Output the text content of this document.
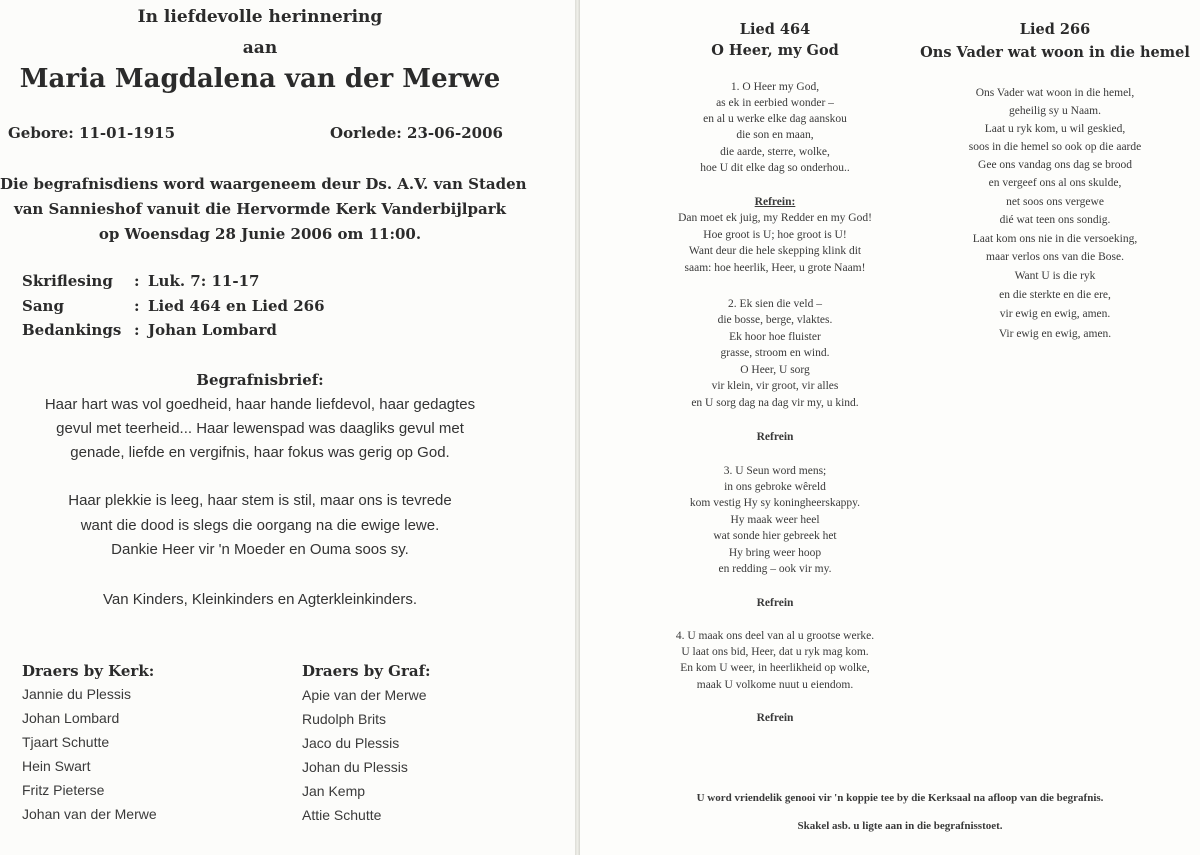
In liefdevolle herinnering
aan
Maria Magdalena van der Merwe
Gebore: 11-01-1915	Oorlede: 23-06-2006
Die begrafnisdiens word waargeneem deur Ds. A.V. van Staden
van Sannieshof vanuit die Hervormde Kerk Vanderbijlpark
op Woensdag 28 Junie 2006 om 11:00.
Skriflesing : Luk. 7: 11-17
Sang	: Lied 464 en Lied 266
Bedankings : Johan Lombard
Begrafnisbrief:
Haar hart was vol goedheid, haar hande liefdevol, haar gedagtes
gevul met teerheid... Haar lewenspad was daagliks gevul met
genade, liefde en vergifnis, haar fokus was gerig op God.
Haar plekkie is leeg, haar stem is stil, maar ons is tevrede
want die dood is slegs die oorgang na die ewige lewe.
Dankie Heer vir 'n Moeder en Ouma soos sy.
Van Kinders, Kleinkinders en Agterkleinkinders.
Draers by Kerk:
Jannie du Plessis
Johan Lombard
Tjaart Schutte
Hein Swart
Fritz Pieterse
Johan van der Merwe
Draers by Graf:
Apie van der Merwe
Rudolph Brits
Jaco du Plessis
Johan du Plessis
Jan Kemp
Attie Schutte
Lied 464
O Heer, my God
1. O Heer my God,
as ek in eerbied wonder –
en al u werke elke dag aanskou
die son en maan,
die aarde, sterre, wolke,
hoe U dit elke dag so onderhou..
Refrein:
Dan moet ek juig, my Redder en my God!
Hoe groot is U; hoe groot is U!
Want deur die hele skepping klink dit
saam: hoe heerlik, Heer, u grote Naam!
2. Ek sien die veld –
die bosse, berge, vlaktes.
Ek hoor hoe fluister
grasse, stroom en wind.
O Heer, U sorg
vir klein, vir groot, vir alles
en U sorg dag na dag vir my, u kind.
Refrein
3. U Seun word mens;
in ons gebroke wêreld
kom vestig Hy sy koningheerskappy.
Hy maak weer heel
wat sonde hier gebreek het
Hy bring weer hoop
en redding – ook vir my.
Refrein
4. U maak ons deel van al u grootse werke.
U laat ons bid, Heer, dat u ryk mag kom.
En kom U weer, in heerlikheid op wolke,
maak U volkome nuut u eiendom.
Refrein
Lied 266
Ons Vader wat woon in die hemel
Ons Vader wat woon in die hemel,
geheilig sy u Naam.
Laat u ryk kom, u wil geskied,
soos in die hemel so ook op die aarde
Gee ons vandag ons dag se brood
en vergeef ons al ons skulde,
net soos ons vergewe
dié wat teen ons sondig.
Laat kom ons nie in die versoeking,
maar verlos ons van die Bose.
Want U is die ryk
en die sterkte en die ere,
vir ewig en ewig, amen.
Vir ewig en ewig, amen.
U word vriendelik genooi vir 'n koppie tee by die Kerksaal na afloop van die begrafnis.
Skakel asb. u ligte aan in die begrafnisstoet.
